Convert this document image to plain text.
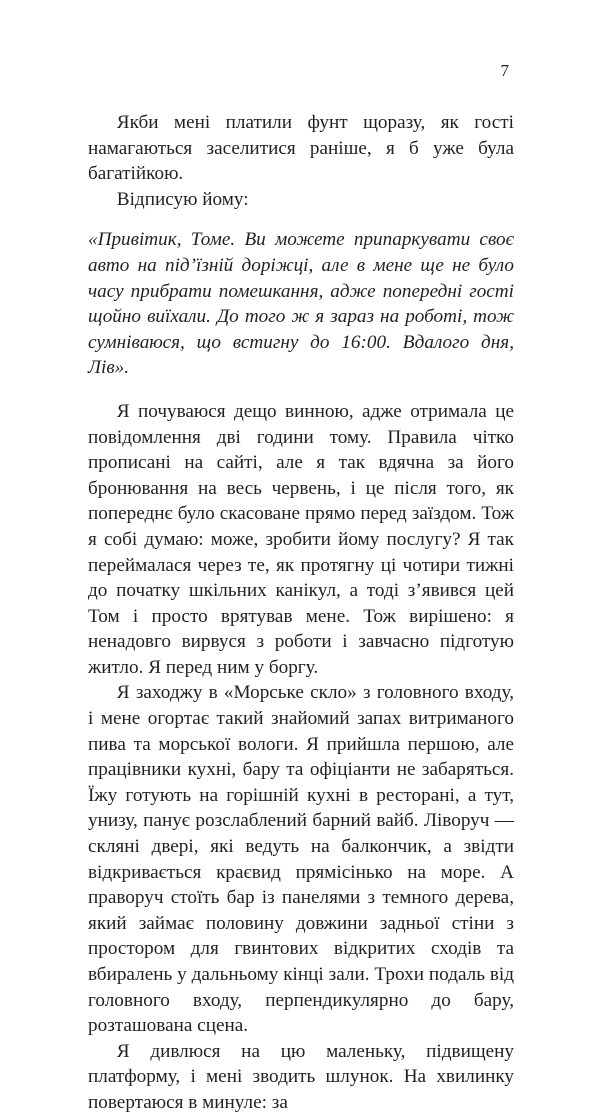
7

Якби мені платили фунт щоразу, як гості намагаються заселитися раніше, я б уже була багатійкою.

Відписую йому:

«Привітик, Томе. Ви можете припаркувати своє авто на під’їзній доріжці, але в мене ще не було часу прибрати помешкання, адже попередні гості щойно виїхали. До того ж я зараз на роботі, тож сумніваюся, що встигну до 16:00. Вдалого дня, Лів».

Я почуваюся дещо винною, адже отримала це повідомлення дві години тому. Правила чітко прописані на сайті, але я так вдячна за його бронювання на весь червень, і це після того, як попереднє було скасоване прямо перед заїздом. Тож я собі думаю: може, зробити йому послугу? Я так переймалася через те, як протягну ці чотири тижні до початку шкільних канікул, а тоді з’явився цей Том і просто врятував мене. Тож вирішено: я ненадовго вирвуся з роботи і завчасно підготую житло. Я перед ним у боргу.

Я заходжу в «Морське скло» з головного входу, і мене огортає такий знайомий запах витриманого пива та морської вологи. Я прийшла першою, але працівники кухні, бару та офіціанти не забаряться. Їжу готують на горішній кухні в ресторані, а тут, унизу, панує розслаблений барний вайб. Ліворуч — скляні двері, які ведуть на балкончик, а звідти відкривається краєвид прямісінько на море. А праворуч стоїть бар із панелями з темного дерева, який займає половину довжини задньої стіни з простором для гвинтових відкритих сходів та вбиралень у дальньому кінці зали. Трохи подаль від головного входу, перпендикулярно до бару, розташована сцена.

Я дивлюся на цю маленьку, підвищену платформу, і мені зводить шлунок. На хвилинку повертаюся в минуле: за
